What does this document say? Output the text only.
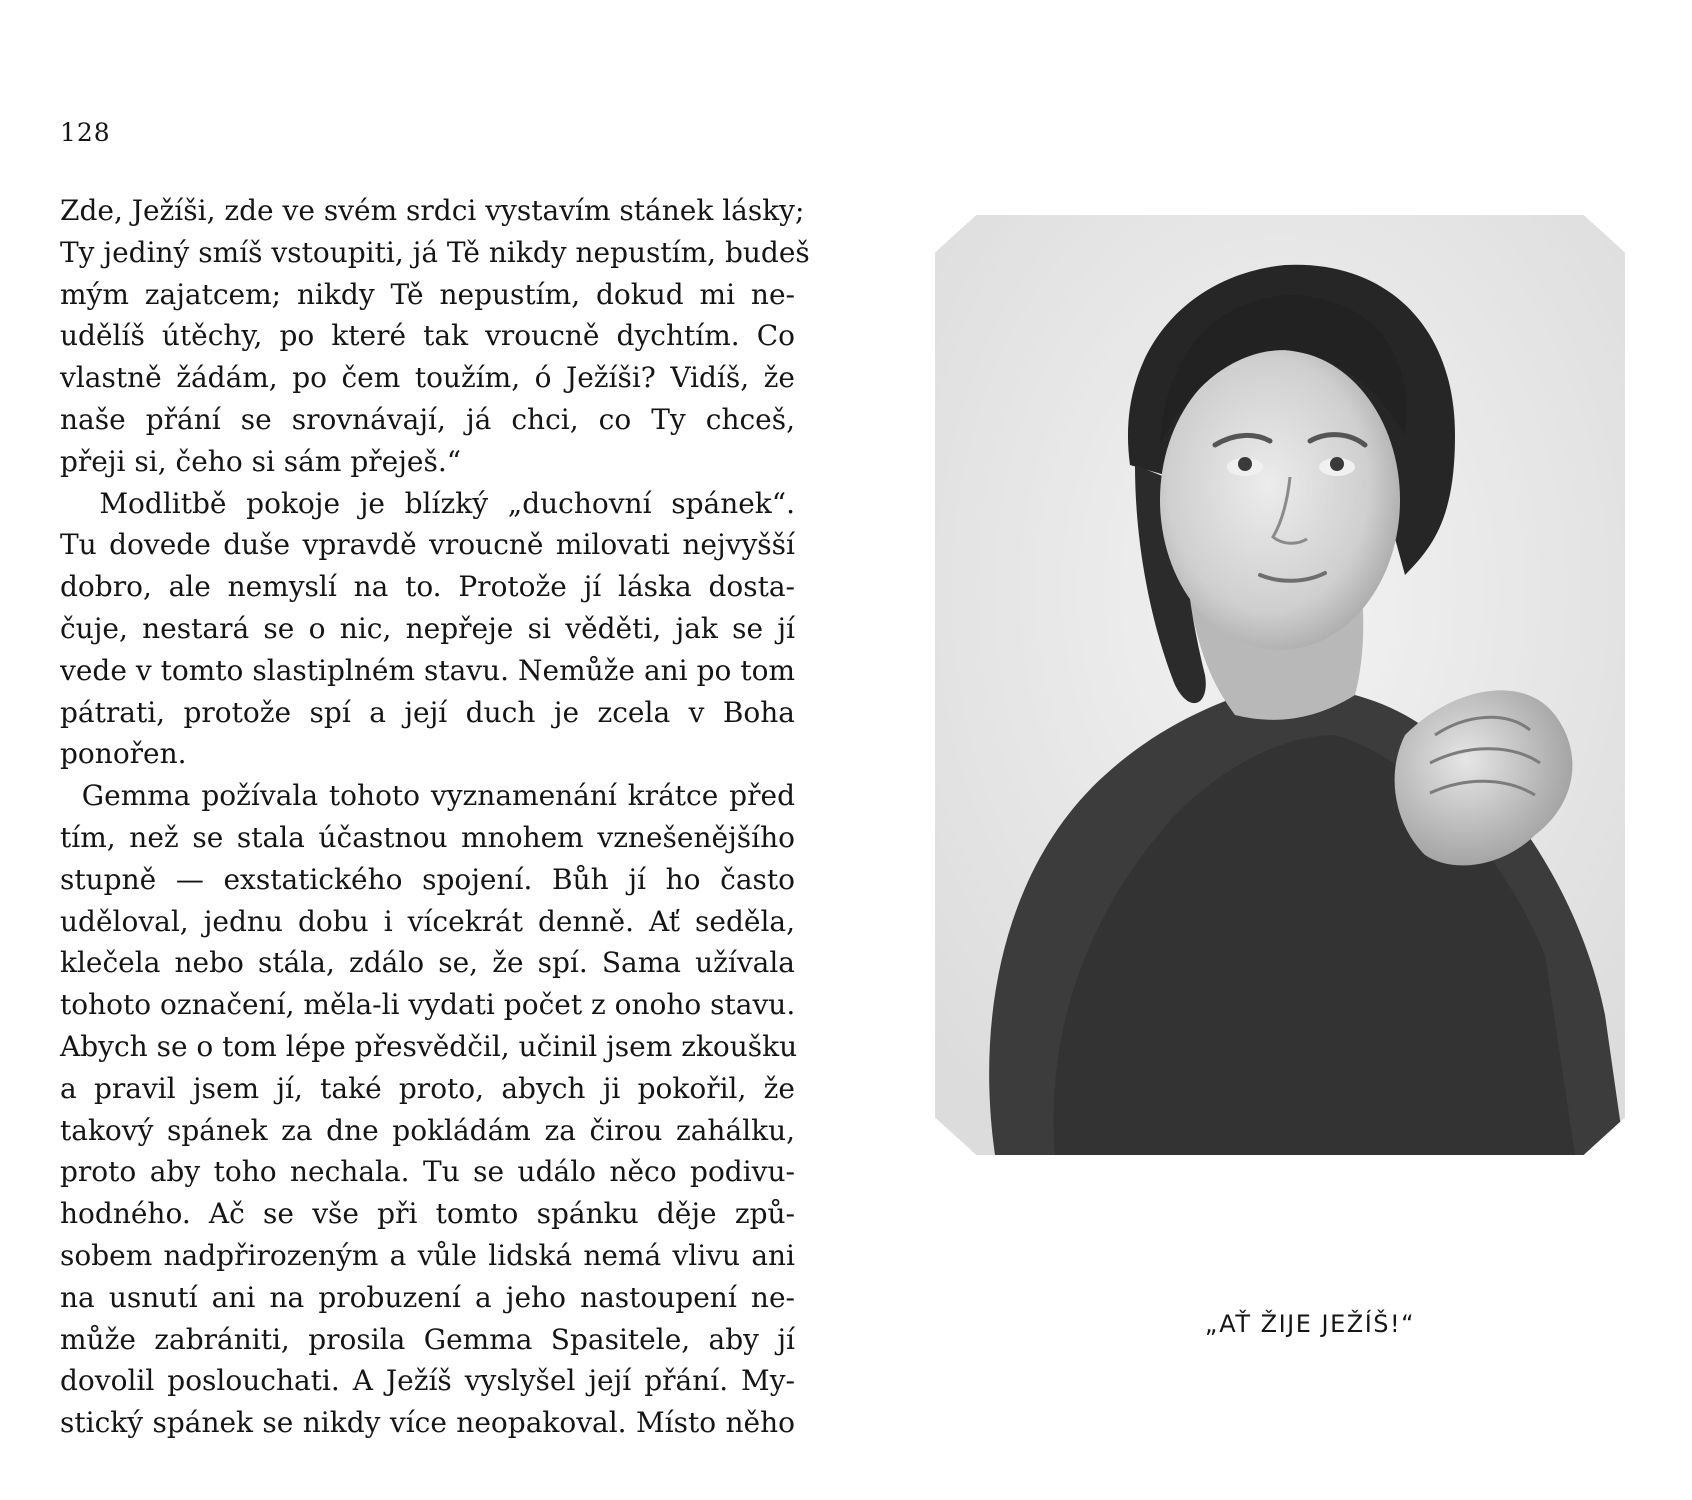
128
Zde, Ježíši, zde ve svém srdci vystavím stánek lásky;
Ty jediný smíš vstoupiti, já Tě nikdy nepustím, budeš
mým zajatcem; nikdy Tě nepustím, dokud mi ne-
udělíš útěchy, po které tak vroucně dychtím. Co
vlastně žádám, po čem toužím, ó Ježíši? Vidíš, že
naše přání se srovnávají, já chci, co Ty chceš,
přeji si, čeho si sám přeješ.“
Modlitbě pokoje je blízký „duchovní spánek“.
Tu dovede duše vpravdě vroucně milovati nejvyšší
dobro, ale nemyslí na to. Protože jí láska dosta-
čuje, nestará se o nic, nepřeje si věděti, jak se jí
vede v tomto slastiplném stavu. Nemůže ani po tom
pátrati, protože spí a její duch je zcela v Boha
ponořen.
Gemma požívala tohoto vyznamenání krátce před
tím, než se stala účastnou mnohem vznešenějšího
stupně — exstatického spojení. Bůh jí ho často
uděloval, jednu dobu i vícekrát denně. Ať seděla,
klečela nebo stála, zdálo se, že spí. Sama užívala
tohoto označení, měla-li vydati počet z onoho stavu.
Abych se o tom lépe přesvědčil, učinil jsem zkoušku
a pravil jsem jí, také proto, abych ji pokořil, že
takový spánek za dne pokládám za čirou zahálku,
proto aby toho nechala. Tu se událo něco podivu-
hodného. Ač se vše při tomto spánku děje způ-
sobem nadpřirozeným a vůle lidská nemá vlivu ani
na usnutí ani na probuzení a jeho nastoupení ne-
může zabrániti, prosila Gemma Spasitele, aby jí
dovolil poslouchati. A Ježíš vyslyšel její přání. My-
stický spánek se nikdy více neopakoval. Místo něho
„AŤ ŽIJE JEŽÍŠ!“
